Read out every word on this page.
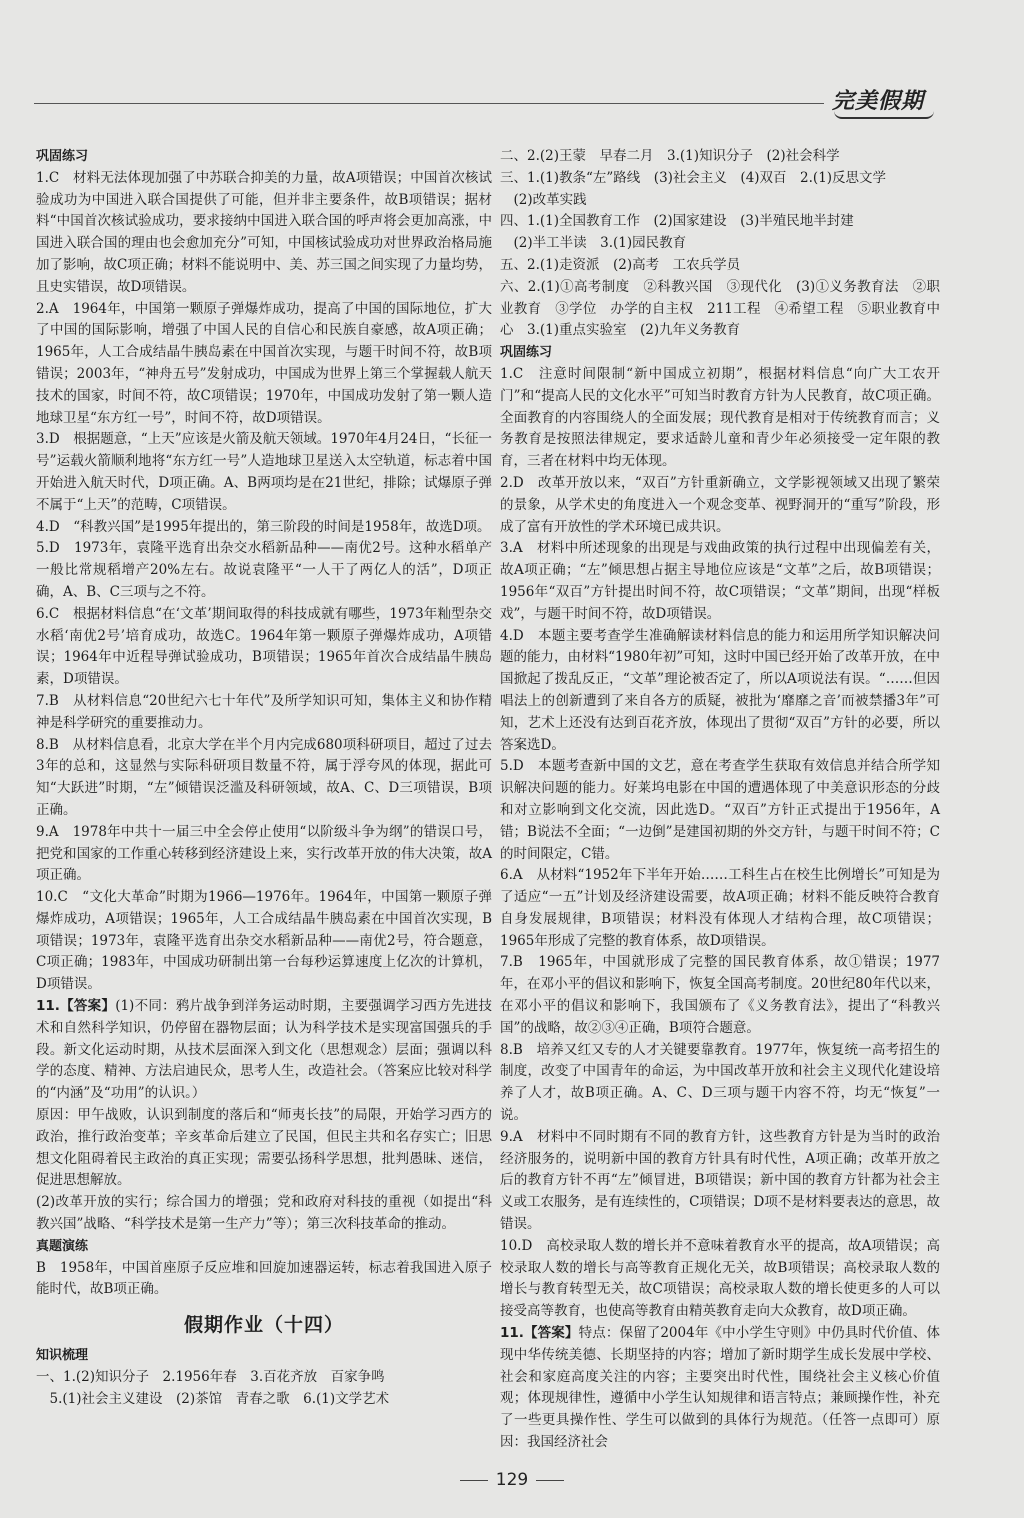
完美假期

巩固练习

1.C　材料无法体现加强了中苏联合抑美的力量，故A项错误；中国首次核试验成功为中国进入联合国提供了可能，但并非主要条件，故B项错误；据材料“中国首次核试验成功，要求接纳中国进入联合国的呼声将会更加高涨，中国进入联合国的理由也会愈加充分”可知，中国核试验成功对世界政治格局施加了影响，故C项正确；材料不能说明中、美、苏三国之间实现了力量均势，且史实错误，故D项错误。

2.A　1964年，中国第一颗原子弹爆炸成功，提高了中国的国际地位，扩大了中国的国际影响，增强了中国人民的自信心和民族自豪感，故A项正确；1965年，人工合成结晶牛胰岛素在中国首次实现，与题干时间不符，故B项错误；2003年，“神舟五号”发射成功，中国成为世界上第三个掌握载人航天技术的国家，时间不符，故C项错误；1970年，中国成功发射了第一颗人造地球卫星“东方红一号”，时间不符，故D项错误。

3.D　根据题意，“上天”应该是火箭及航天领域。1970年4月24日，“长征一号”运载火箭顺利地将“东方红一号”人造地球卫星送入太空轨道，标志着中国开始进入航天时代，D项正确。A、B两项均是在21世纪，排除；试爆原子弹不属于“上天”的范畴，C项错误。

4.D　“科教兴国”是1995年提出的，第三阶段的时间是1958年，故选D项。

5.D　1973年，袁隆平选育出杂交水稻新品种——南优2号。这种水稻单产一般比常规稻增产20%左右。故说袁隆平“一人干了两亿人的活”，D项正确，A、B、C三项与之不符。

6.C　根据材料信息“在‘文革’期间取得的科技成就有哪些，1973年籼型杂交水稻‘南优2号’培育成功，故选C。1964年第一颗原子弹爆炸成功，A项错误；1964年中近程导弹试验成功，B项错误；1965年首次合成结晶牛胰岛素，D项错误。

7.B　从材料信息“20世纪六七十年代”及所学知识可知，集体主义和协作精神是科学研究的重要推动力。

8.B　从材料信息看，北京大学在半个月内完成680项科研项目，超过了过去3年的总和，这显然与实际科研项目数量不符，属于浮夸风的体现，据此可知“大跃进”时期，“左”倾错误泛滥及科研领域，故A、C、D三项错误，B项正确。

9.A　1978年中共十一届三中全会停止使用“以阶级斗争为纲”的错误口号，把党和国家的工作重心转移到经济建设上来，实行改革开放的伟大决策，故A项正确。

10.C　“文化大革命”时期为1966—1976年。1964年，中国第一颗原子弹爆炸成功，A项错误；1965年，人工合成结晶牛胰岛素在中国首次实现，B项错误；1973年，袁隆平选育出杂交水稻新品种——南优2号，符合题意，C项正确；1983年，中国成功研制出第一台每秒运算速度上亿次的计算机，D项错误。

11.【答案】(1)不同：鸦片战争到洋务运动时期，主要强调学习西方先进技术和自然科学知识，仍停留在器物层面；认为科学技术是实现富国强兵的手段。新文化运动时期，从技术层面深入到文化（思想观念）层面；强调以科学的态度、精神、方法启迪民众，思考人生，改造社会。（答案应比较对科学的“内涵”及“功用”的认识。）

原因：甲午战败，认识到制度的落后和“师夷长技”的局限，开始学习西方的政治，推行政治变革；辛亥革命后建立了民国，但民主共和名存实亡；旧思想文化阻碍着民主政治的真正实现；需要弘扬科学思想，批判愚昧、迷信，促进思想解放。

(2)改革开放的实行；综合国力的增强；党和政府对科技的重视（如提出“科教兴国”战略、“科学技术是第一生产力”等）；第三次科技革命的推动。

真题演练

B　1958年，中国首座原子反应堆和回旋加速器运转，标志着我国进入原子能时代，故B项正确。

假期作业（十四）

知识梳理

一、1.(2)知识分子　2.1956年春　3.百花齐放　百家争鸣

　5.(1)社会主义建设　(2)茶馆　青春之歌　6.(1)文学艺术

二、2.(2)王蒙　早春二月　3.(1)知识分子　(2)社会科学

三、1.(1)教条“左”路线　(3)社会主义　(4)双百　2.(1)反思文学

　(2)改革实践

四、1.(1)全国教育工作　(2)国家建设　(3)半殖民地半封建

　(2)半工半读　3.(1)园民教育

五、2.(1)走资派　(2)高考　工农兵学员

六、2.(1)①高考制度　②科教兴国　③现代化　(3)①义务教育法　②职业教育　③学位　办学的自主权　211工程　④希望工程　⑤职业教育中心　3.(1)重点实验室　(2)九年义务教育

巩固练习

1.C　注意时间限制“新中国成立初期”，根据材料信息“向广大工农开门”和“提高人民的文化水平”可知当时教育方针为人民教育，故C项正确。全面教育的内容围绕人的全面发展；现代教育是相对于传统教育而言；义务教育是按照法律规定，要求适龄儿童和青少年必须接受一定年限的教育，三者在材料中均无体现。

2.D　改革开放以来，“双百”方针重新确立，文学影视领域又出现了繁荣的景象，从学术史的角度进入一个观念变革、视野洞开的“重写”阶段，形成了富有开放性的学术环境已成共识。

3.A　材料中所述现象的出现是与戏曲政策的执行过程中出现偏差有关，故A项正确；“左”倾思想占据主导地位应该是“文革”之后，故B项错误；1956年“双百”方针提出时间不符，故C项错误；“文革”期间，出现“样板戏”，与题干时间不符，故D项错误。

4.D　本题主要考查学生准确解读材料信息的能力和运用所学知识解决问题的能力，由材料“1980年初”可知，这时中国已经开始了改革开放，在中国掀起了拨乱反正，“文革”理论被否定了，所以A项说法有误。“……但因唱法上的创新遭到了来自各方的质疑，被批为‘靡靡之音’而被禁播3年”可知，艺术上还没有达到百花齐放，体现出了贯彻“双百”方针的必要，所以答案选D。

5.D　本题考查新中国的文艺，意在考查学生获取有效信息并结合所学知识解决问题的能力。好莱坞电影在中国的遭遇体现了中美意识形态的分歧和对立影响到文化交流，因此选D。“双百”方针正式提出于1956年，A错；B说法不全面；“一边倒”是建国初期的外交方针，与题干时间不符；C的时间限定，C错。

6.A　从材料“1952年下半年开始……工科生占在校生比例增长”可知是为了适应“一五”计划及经济建设需要，故A项正确；材料不能反映符合教育自身发展规律，B项错误；材料没有体现人才结构合理，故C项错误；1965年形成了完整的教育体系，故D项错误。

7.B　1965年，中国就形成了完整的国民教育体系，故①错误；1977年，在邓小平的倡议和影响下，恢复全国高考制度。20世纪80年代以来，在邓小平的倡议和影响下，我国颁布了《义务教育法》，提出了“科教兴国”的战略，故②③④正确，B项符合题意。

8.B　培养又红又专的人才关键要靠教育。1977年，恢复统一高考招生的制度，改变了中国青年的命运，为中国改革开放和社会主义现代化建设培养了人才，故B项正确。A、C、D三项与题干内容不符，均无“恢复”一说。

9.A　材料中不同时期有不同的教育方针，这些教育方针是为当时的政治经济服务的，说明新中国的教育方针具有时代性，A项正确；改革开放之后的教育方针不再“左”倾冒进，B项错误；新中国的教育方针都为社会主义或工农服务，是有连续性的，C项错误；D项不是材料要表达的意思，故错误。

10.D　高校录取人数的增长并不意味着教育水平的提高，故A项错误；高校录取人数的增长与高等教育正规化无关，故B项错误；高校录取人数的增长与教育转型无关，故C项错误；高校录取人数的增长使更多的人可以接受高等教育，也使高等教育由精英教育走向大众教育，故D项正确。

11.【答案】特点：保留了2004年《中小学生守则》中仍具时代价值、体现中华传统美德、长期坚持的内容；增加了新时期学生成长发展中学校、社会和家庭高度关注的内容；主要突出时代性，围绕社会主义核心价值观；体现规律性，遵循中小学生认知规律和语言特点；兼顾操作性，补充了一些更具操作性、学生可以做到的具体行为规范。（任答一点即可）原因：我国经济社会

129
